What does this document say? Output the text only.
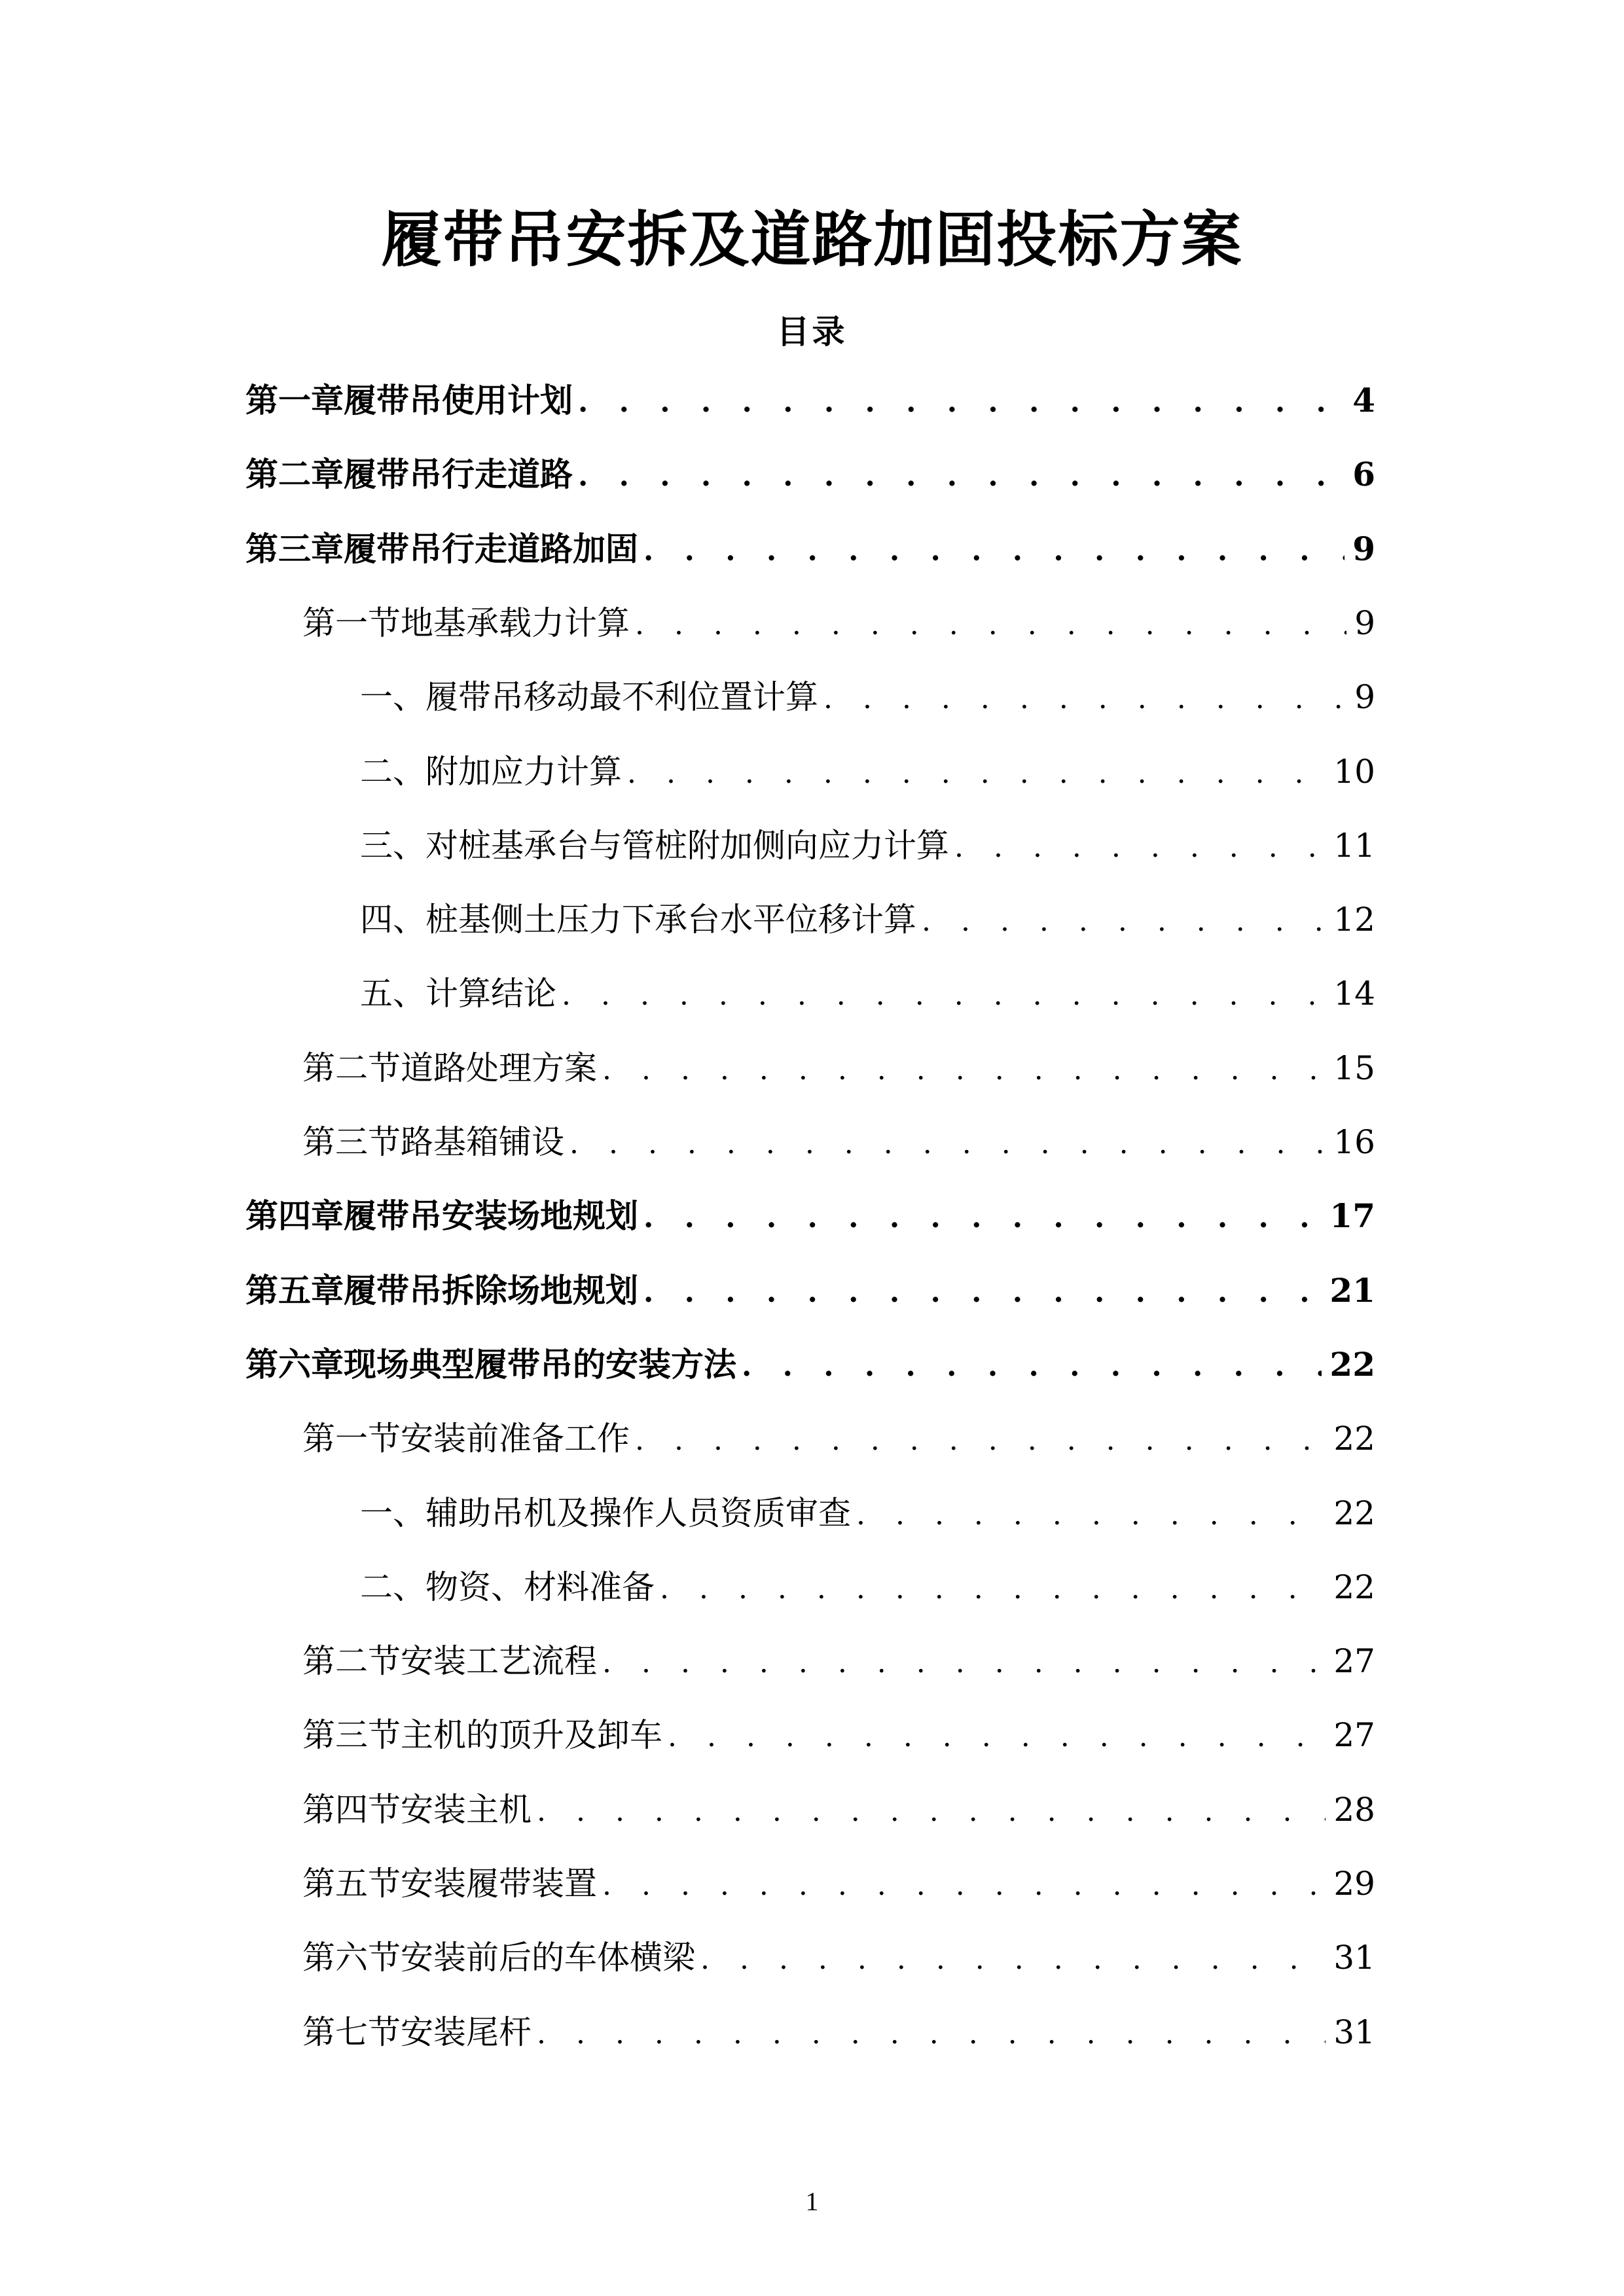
履带吊安拆及道路加固投标方案
目录
第一章 履带吊使用计划 . . .	4
第二章 履带吊行走道路 . . .	6
第三章 履带吊行走道路加固 . . .	9
第一节 地基承载力计算 . . .	9
一、 履带吊移动最不利位置计算 . . .	9
二、 附加应力计算 . . .	10
三、 对桩基承台与管桩附加侧向应力计算 . . .	11
四、 桩基侧土压力下承台水平位移计算 . . .	12
五、 计算结论 . . .	14
第二节 道路处理方案 . . .	15
第三节 路基箱铺设 . . .	16
第四章 履带吊安装场地规划 . . .	17
第五章 履带吊拆除场地规划 . . .	21
第六章 现场典型履带吊的安装方法 . . .	22
第一节 安装前准备工作 . . .	22
一、 辅助吊机及操作人员资质审查 . . .	22
二、 物资、材料准备 . . .	22
第二节 安装工艺流程 . . .	27
第三节 主机的顶升及卸车 . . .	27
第四节 安装主机 . . .	28
第五节 安装履带装置 . . .	29
第六节 安装前后的车体横梁 . . .	31
第七节 安装尾杆 . . .	31
1
